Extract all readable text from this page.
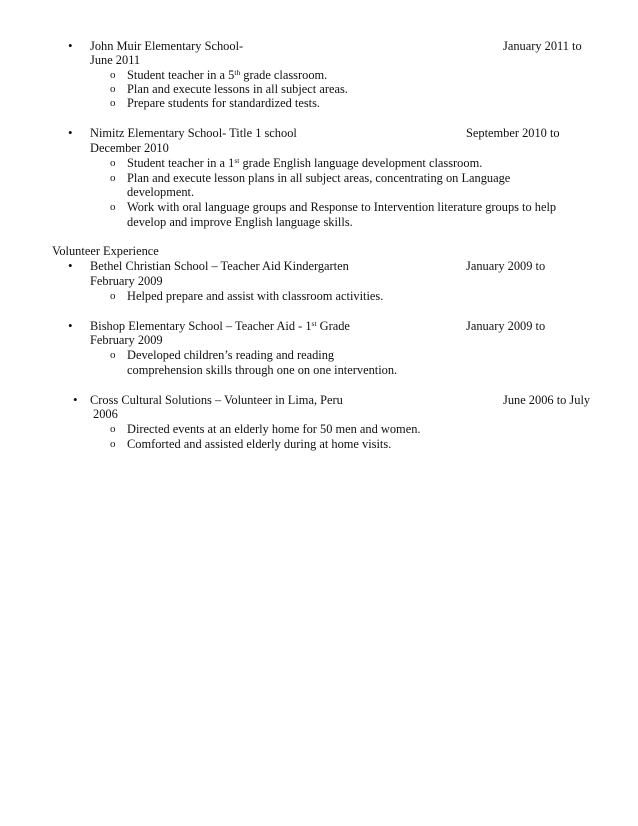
• John Muir Elementary School-	January 2011 to
June 2011
o Student teacher in a 5th grade classroom.
o Plan and execute lessons in all subject areas.
o Prepare students for standardized tests.
• Nimitz Elementary School- Title 1 school	September 2010 to
December 2010
o Student teacher in a 1st grade English language development classroom.
o Plan and execute lesson plans in all subject areas, concentrating on Language
development.
o Work with oral language groups and Response to Intervention literature groups to help
develop and improve English language skills.
Volunteer Experience
• Bethel Christian School – Teacher Aid Kindergarten	January 2009 to
February 2009
o Helped prepare and assist with classroom activities.
• Bishop Elementary School – Teacher Aid - 1st Grade	January 2009 to
February 2009
o Developed children’s reading and reading
comprehension skills through one on one intervention.
• Cross Cultural Solutions – Volunteer in Lima, Peru	June 2006 to July
2006
o Directed events at an elderly home for 50 men and women.
o Comforted and assisted elderly during at home visits.
